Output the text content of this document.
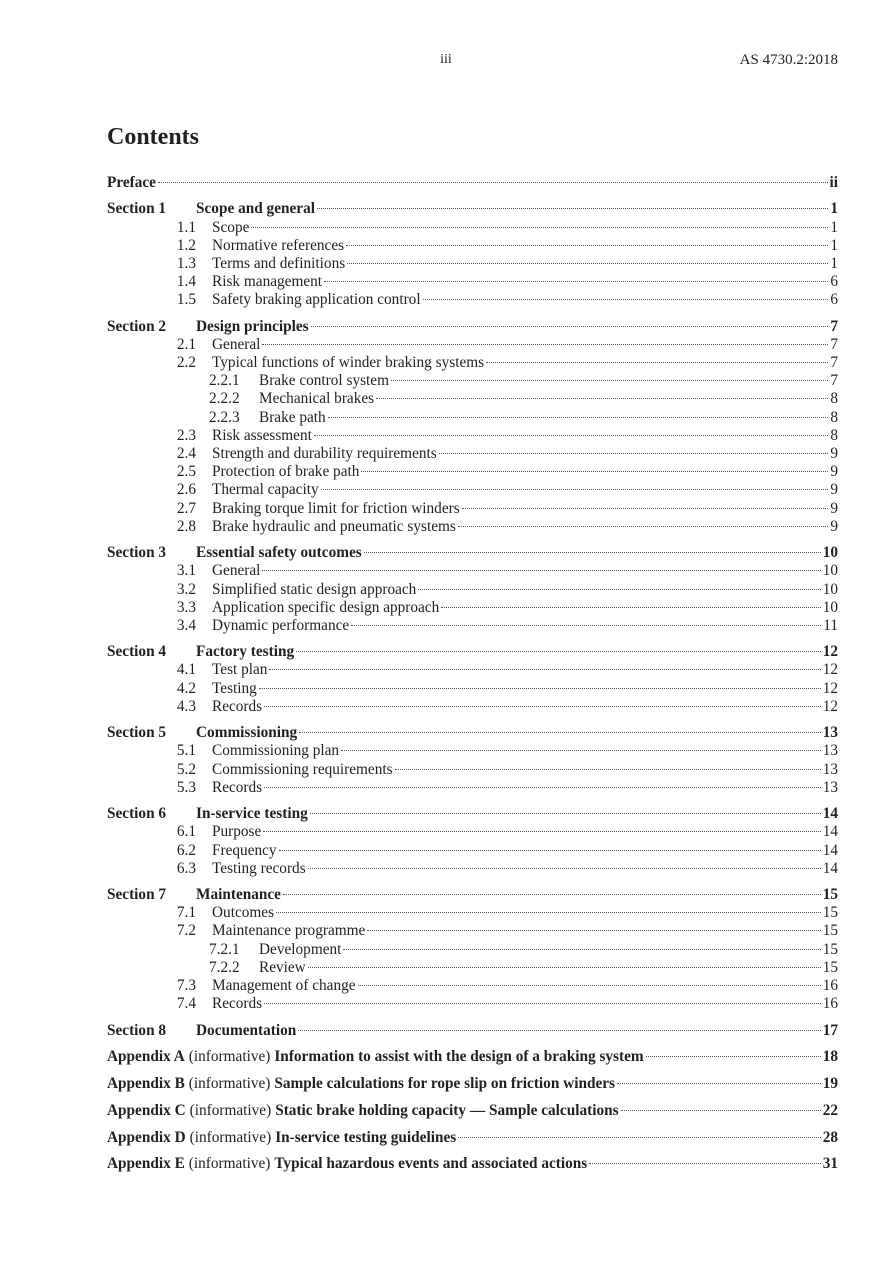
iii	AS 4730.2:2018
Contents
Preface	ii
Section 1	Scope and general	1
1.1 Scope	1
1.2 Normative references	1
1.3 Terms and definitions	1
1.4 Risk management	6
1.5 Safety braking application control	6
Section 2	Design principles	7
2.1 General	7
2.2 Typical functions of winder braking systems	7
2.2.1	Brake control system	7
2.2.2	Mechanical brakes	8
2.2.3	Brake path	8
2.3 Risk assessment	8
2.4 Strength and durability requirements	9
2.5 Protection of brake path	9
2.6 Thermal capacity	9
2.7 Braking torque limit for friction winders	9
2.8 Brake hydraulic and pneumatic systems	9
Section 3	Essential safety outcomes	10
3.1 General	10
3.2 Simplified static design approach	10
3.3 Application specific design approach	10
3.4 Dynamic performance	11
Section 4	Factory testing	12
4.1 Test plan	12
4.2 Testing	12
4.3 Records	12
Section 5	Commissioning	13
5.1 Commissioning plan	13
5.2 Commissioning requirements	13
5.3 Records	13
Section 6	In-service testing	14
6.1 Purpose	14
6.2 Frequency	14
6.3 Testing records	14
Section 7	Maintenance	15
7.1 Outcomes	15
7.2 Maintenance programme	15
7.2.1	Development	15
7.2.2	Review	15
7.3 Management of change	16
7.4 Records	16
Section 8	Documentation	17
Appendix A (informative) Information to assist with the design of a braking system	18
Appendix B (informative) Sample calculations for rope slip on friction winders	19
Appendix C (informative) Static brake holding capacity — Sample calculations	22
Appendix D (informative) In-service testing guidelines	28
Appendix E (informative) Typical hazardous events and associated actions	31
